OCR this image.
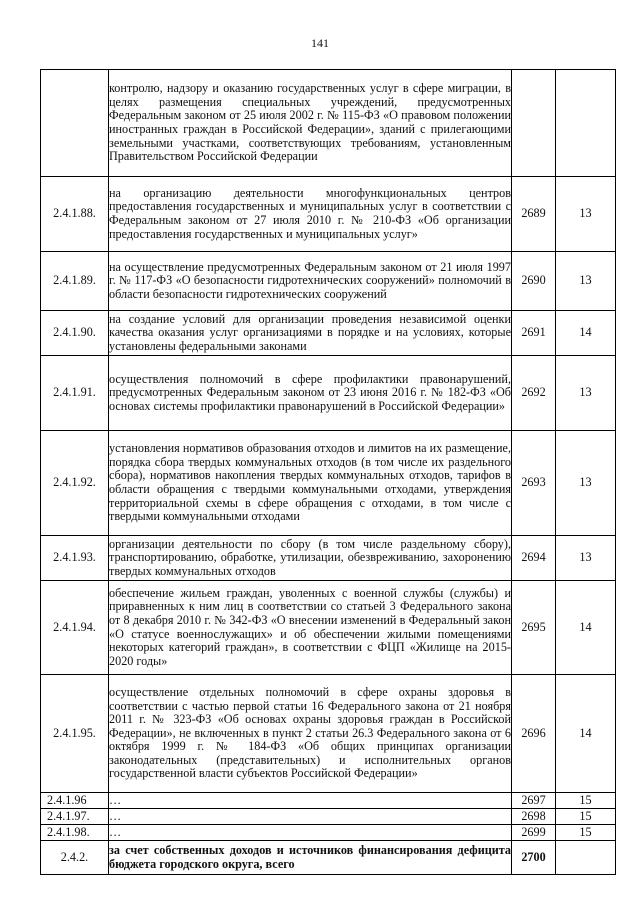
141
	контролю, надзору и оказанию государственных услуг в сфере миграции, в целях размещения специальных учреждений, предусмотренных Федеральным законом от 25 июля 2002 г. № 115-ФЗ «О правовом положении иностранных граждан в Российской Федерации», зданий с прилегающими земельными участками, соответствующих требованиям, установленным Правительством Российской Федерации		
2.4.1.88.	на организацию деятельности многофункциональных центров предоставления государственных и муниципальных услуг в соответствии с Федеральным законом от 27 июля 2010 г. № 210-ФЗ «Об организации предоставления государственных и муниципальных услуг»	2689	13
2.4.1.89.	на осуществление предусмотренных Федеральным законом от 21 июля 1997 г. № 117-ФЗ «О безопасности гидротехнических сооружений» полномочий в области безопасности гидротехнических сооружений	2690	13
2.4.1.90.	на создание условий для организации проведения независимой оценки качества оказания услуг организациями в порядке и на условиях, которые установлены федеральными законами	2691	14
2.4.1.91.	осуществления полномочий в сфере профилактики правонарушений, предусмотренных Федеральным законом от 23 июня 2016 г. № 182-ФЗ «Об основах системы профилактики правонарушений в Российской Федерации»	2692	13
2.4.1.92.	установления нормативов образования отходов и лимитов на их размещение, порядка сбора твердых коммунальных отходов (в том числе их раздельного сбора), нормативов накопления твердых коммунальных отходов, тарифов в области обращения с твердыми коммунальными отходами, утверждения территориальной схемы в сфере обращения с отходами, в том числе с твердыми коммунальными отходами	2693	13
2.4.1.93.	организации деятельности по сбору (в том числе раздельному сбору), транспортированию, обработке, утилизации, обезвреживанию, захоронению твердых коммунальных отходов	2694	13
2.4.1.94.	обеспечение жильем граждан, уволенных с военной службы (службы) и приравненных к ним лиц в соответствии со статьей 3 Федерального закона от 8 декабря 2010 г. № 342-ФЗ «О внесении изменений в Федеральный закон «О статусе военнослужащих» и об обеспечении жилыми помещениями некоторых категорий граждан», в соответствии с ФЦП «Жилище на 2015-2020 годы»	2695	14
2.4.1.95.	осуществление отдельных полномочий в сфере охраны здоровья в соответствии с частью первой статьи 16 Федерального закона от 21 ноября 2011 г. № 323-ФЗ «Об основах охраны здоровья граждан в Российской Федерации», не включенных в пункт 2 статьи 26.3 Федерального закона от 6 октября 1999 г. № 184-ФЗ «Об общих принципах организации законодательных (представительных) и исполнительных органов государственной власти субъектов Российской Федерации»	2696	14
2.4.1.96	…	2697	15
2.4.1.97.	…	2698	15
2.4.1.98.	…	2699	15
2.4.2.	за счет собственных доходов и источников финансирования дефицита бюджета городского округа, всего	2700	
